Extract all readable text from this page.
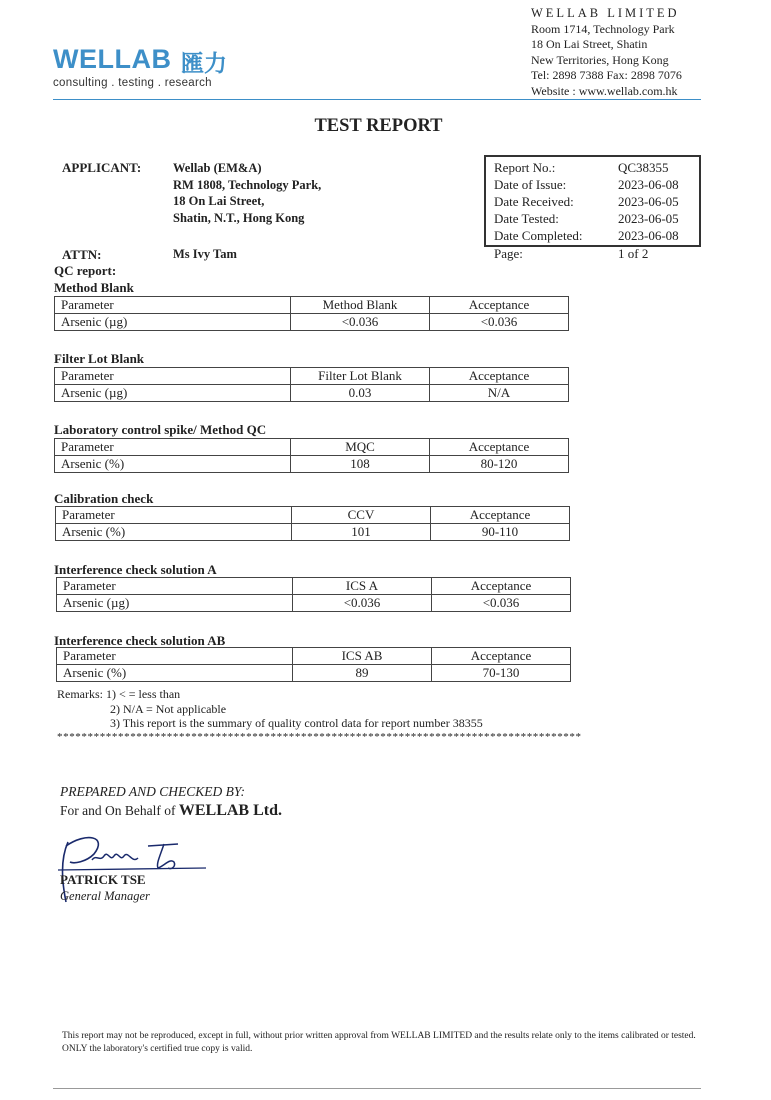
WELLAB 匯力
consulting . testing . research
WELLAB LIMITED
Room 1714, Technology Park
18 On Lai Street, Shatin
New Territories, Hong Kong
Tel: 2898 7388 Fax: 2898 7076
Website : www.wellab.com.hk
TEST REPORT
APPLICANT:	Wellab (EM&A)
RM 1808, Technology Park,
18 On Lai Street,
Shatin, N.T., Hong Kong
ATTN:	Ms Ivy Tam
QC report:
Report No.:	QC38355
Date of Issue:	2023-06-08
Date Received:	2023-06-05
Date Tested:	2023-06-05
Date Completed:	2023-06-08
Page:	1 of 2
Method Blank
Parameter	Method Blank	Acceptance
Arsenic (µg)	<0.036	<0.036
Filter Lot Blank
Parameter	Filter Lot Blank	Acceptance
Arsenic (µg)	0.03	N/A
Laboratory control spike/ Method QC
Parameter	MQC	Acceptance
Arsenic (%)	108	80-120
Calibration check
Parameter	CCV	Acceptance
Arsenic (%)	101	90-110
Interference check solution A
Parameter	ICS A	Acceptance
Arsenic (µg)	<0.036	<0.036
Interference check solution AB
Parameter	ICS AB	Acceptance
Arsenic (%)	89	70-130
Remarks: 1) < = less than
2) N/A = Not applicable
3) This report is the summary of quality control data for report number 38355
**************************************************************************************
PREPARED AND CHECKED BY:
For and On Behalf of WELLAB Ltd.
PATRICK TSE
General Manager
This report may not be reproduced, except in full, without prior written approval from WELLAB LIMITED and the results relate only to the items calibrated or tested. ONLY the laboratory's certified true copy is valid.
